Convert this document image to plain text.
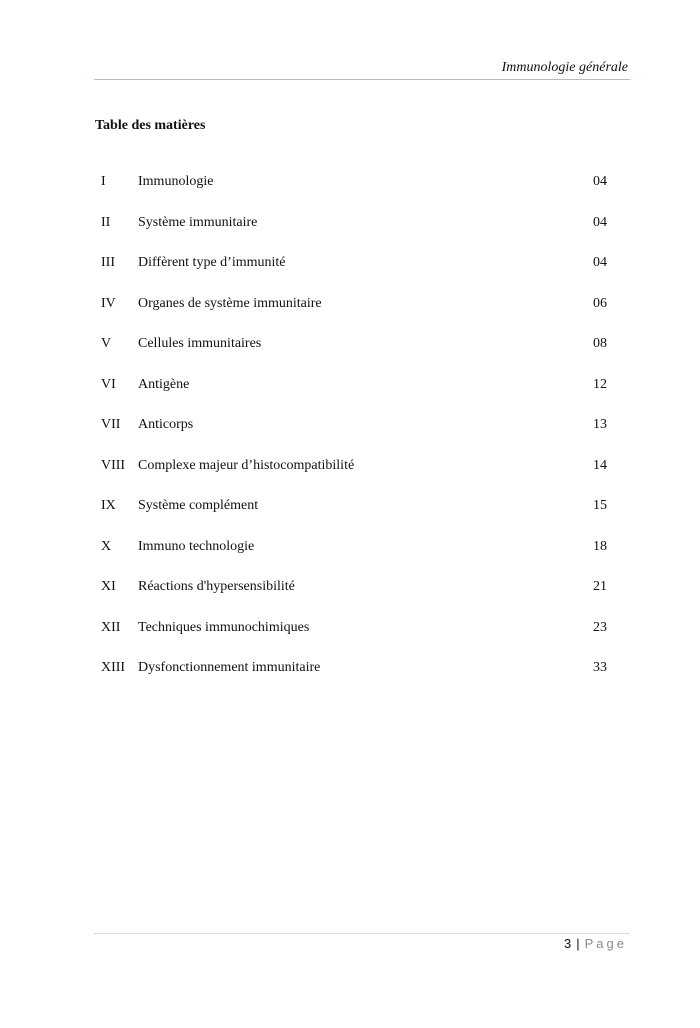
Immunologie générale
Table des matières
I	Immunologie	04
II	Système immunitaire	04
III	Diffèrent type d’immunité	04
IV	Organes de système immunitaire	06
V	Cellules immunitaires	08
VI	Antigène	12
VII	Anticorps	13
VIII Complexe majeur d’histocompatibilité	14
IX	Système complément	15
X	Immuno technologie	18
XI	Réactions d'hypersensibilité	21
XII	Techniques immunochimiques	23
XIII Dysfonctionnement immunitaire	33
3 | Page
